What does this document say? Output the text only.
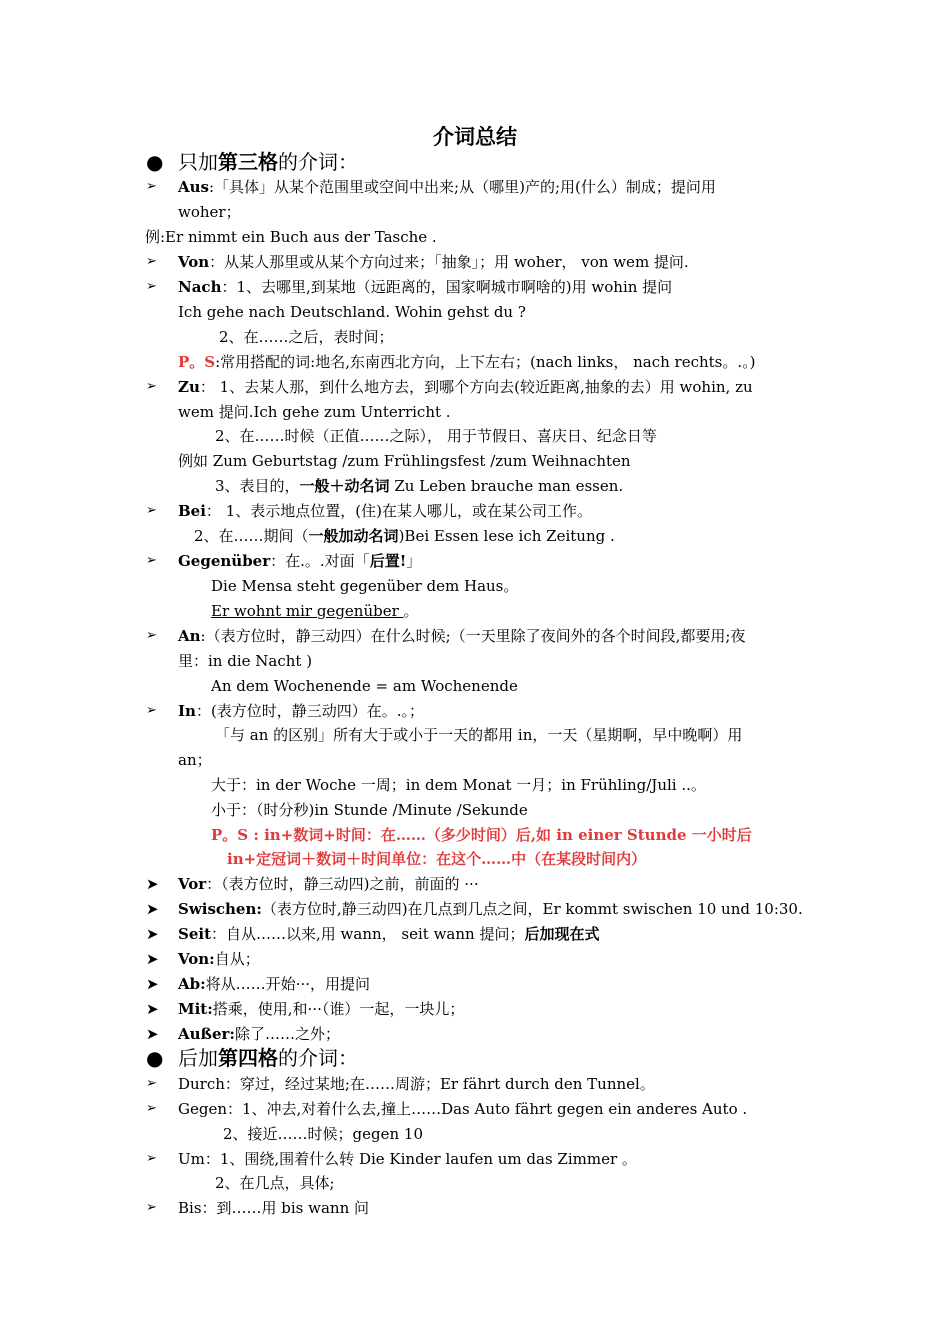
介词总结
● 只加第三格的介词：
➢ Aus:「具体」从某个范围里或空间中出来;从（哪里)产的;用(什么）制成；提问用
woher；
例:Er nimmt ein Buch aus der Tasche .
➢ Von：从某人那里或从某个方向过来；「抽象」；用 woher， von wem 提问.
➢ Nach：1、去哪里,到某地（远距离的，国家啊城市啊啥的)用 wohin 提问
Ich gehe nach Deutschland. Wohin gehst du ?
2、在……之后，表时间；
P。S:常用搭配的词:地名,东南西北方向，上下左右；(nach links， nach rechts。.。)
➢ Zu： 1、去某人那，到什么地方去，到哪个方向去(较近距离,抽象的去）用 wohin, zu
wem 提问.Ich gehe zum Unterricht .
2、在……时候（正值……之际）， 用于节假日、喜庆日、纪念日等
例如 Zum Geburtstag /zum Frühlingsfest /zum Weihnachten
3、表目的，一般＋动名词 Zu Leben brauche man essen.
➢ Bei： 1、表示地点位置，(住)在某人哪儿，或在某公司工作。
2、在……期间（一般加动名词)Bei Essen lese ich Zeitung .
➢ Gegenüber：在.。.对面「后置!」
Die Mensa steht gegenüber dem Haus。
Er wohnt mir gegenüber 。
➢ An:（表方位时，静三动四）在什么时候;（一天里除了夜间外的各个时间段,都要用;夜
里：in die Nacht )
An dem Wochenende = am Wochenende
➢ In：(表方位时，静三动四）在。.。；
「与 an 的区别」所有大于或小于一天的都用 in，一天（星期啊，早中晚啊）用
an；
大于：in der Woche 一周；in dem Monat 一月；in Frühling/Juli ..。
小于：（时分秒)in Stunde /Minute /Sekunde
P。S : in+数词+时间：在……（多少时间）后,如 in einer Stunde 一小时后
in+定冠词＋数词＋时间单位：在这个……中（在某段时间内）
➤ Vor：（表方位时，静三动四)之前，前面的 ···
➤ Swischen:（表方位时,静三动四)在几点到几点之间，Er kommt swischen 10 und 10:30.
➤ Seit：自从……以来,用 wann， seit wann 提问；后加现在式
➤ Von:自从；
➤ Ab:将从……开始···，用提问
➤ Mit:搭乘，使用,和···（谁）一起，一块儿；
➤ Außer:除了……之外；
● 后加第四格的介词：
➢ Durch：穿过，经过某地;在……周游；Er fährt durch den Tunnel。
➢ Gegen：1、冲去,对着什么去,撞上……Das Auto fährt gegen ein anderes Auto .
2、接近……时候；gegen 10
➢ Um：1、围绕,围着什么转 Die Kinder laufen um das Zimmer 。
2、在几点，具体;
➢ Bis：到……用 bis wann 问
